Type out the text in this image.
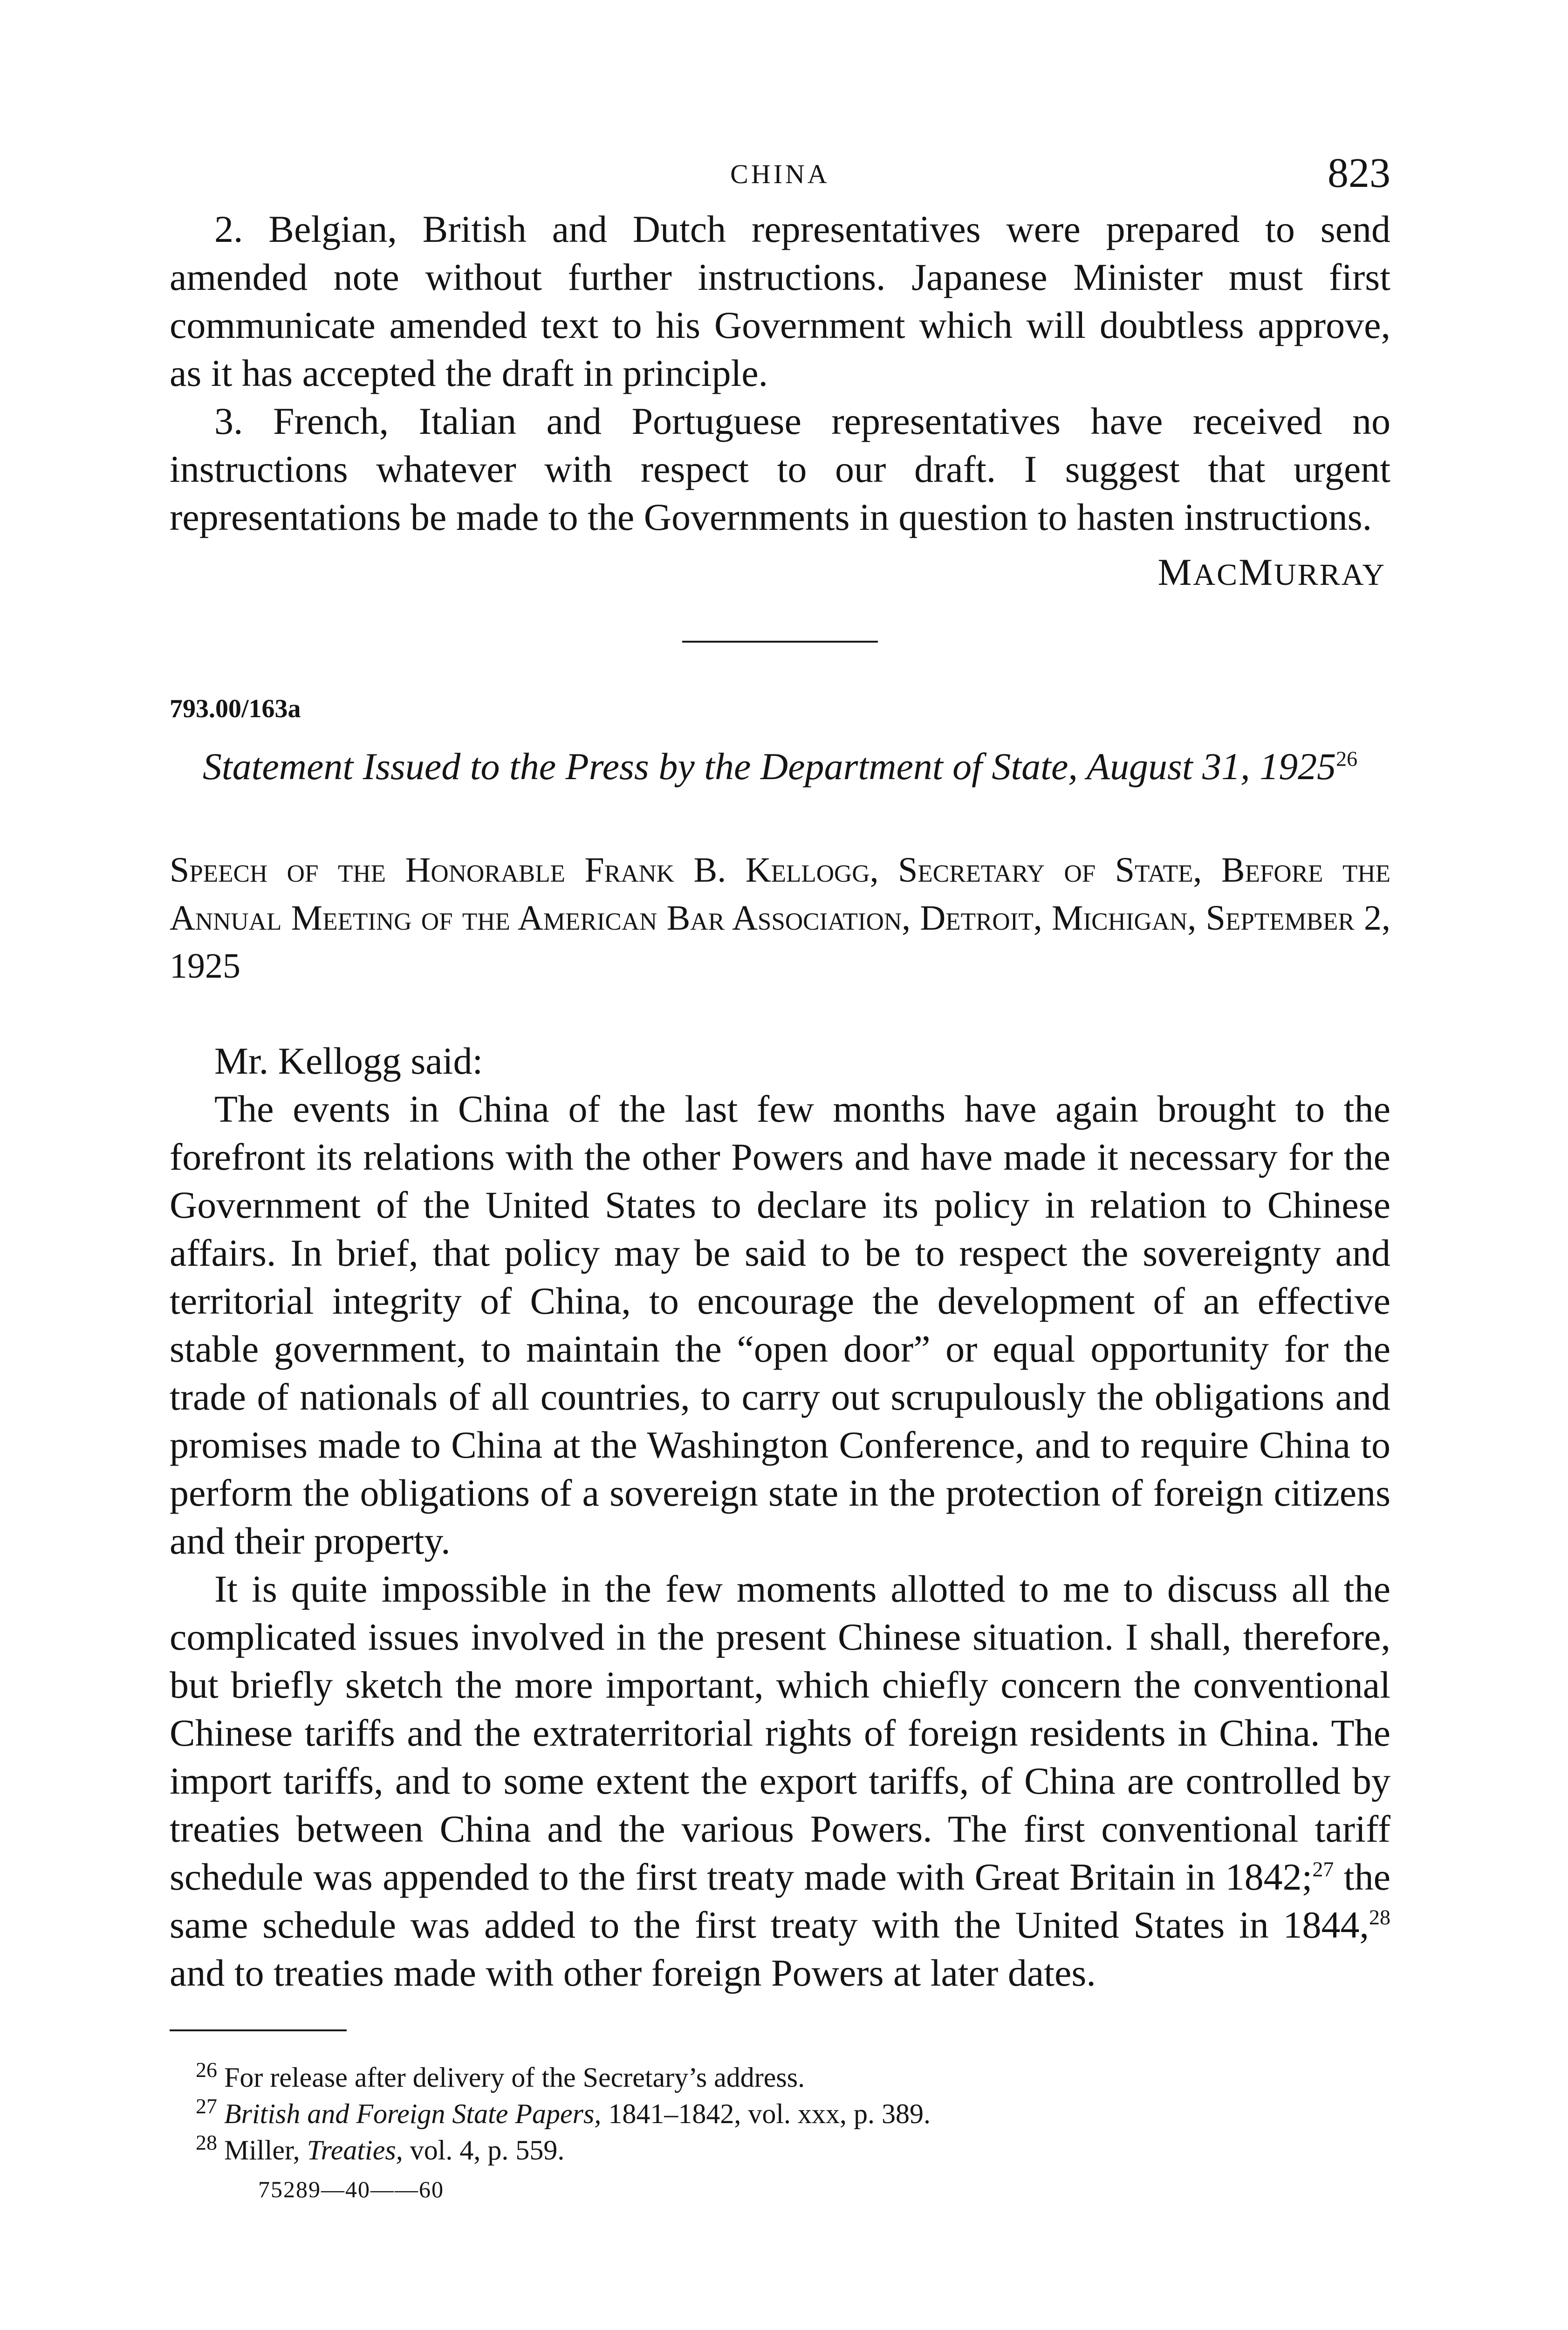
CHINA	823

2. Belgian, British and Dutch representatives were prepared to send amended note without further instructions. Japanese Minister must first communicate amended text to his Government which will doubtless approve, as it has accepted the draft in principle.

3. French, Italian and Portuguese representatives have received no instructions whatever with respect to our draft. I suggest that urgent representations be made to the Governments in question to hasten instructions.

MACMURRAY
793.00/163a
Statement Issued to the Press by the Department of State, August 31, 1925$^{26}$
Speech of the Honorable Frank B. Kellogg, Secretary of State, Before the Annual Meeting of the American Bar Association, Detroit, Michigan, September 2, 1925

Mr. Kellogg said:

The events in China of the last few months have again brought to the forefront its relations with the other Powers and have made it necessary for the Government of the United States to declare its policy in relation to Chinese affairs. In brief, that policy may be said to be to respect the sovereignty and territorial integrity of China, to encourage the development of an effective stable government, to maintain the “open door” or equal opportunity for the trade of nationals of all countries, to carry out scrupulously the obligations and promises made to China at the Washington Conference, and to require China to perform the obligations of a sovereign state in the protection of foreign citizens and their property.

It is quite impossible in the few moments allotted to me to discuss all the complicated issues involved in the present Chinese situation. I shall, therefore, but briefly sketch the more important, which chiefly concern the conventional Chinese tariffs and the extraterritorial rights of foreign residents in China. The import tariffs, and to some extent the export tariffs, of China are controlled by treaties between China and the various Powers. The first conventional tariff schedule was appended to the first treaty made with Great Britain in 1842;$^{27}$ the same schedule was added to the first treaty with the United States in 1844,28 and to treaties made with other foreign Powers at later dates.

$^{26}$ For release after delivery of the Secretary’s address.
$^{27}$ British and Foreign State Papers, 1841–1842, vol. xxx, p. 389.
$^{28}$ Miller, Treaties, vol. 4, p. 559.
75289—40——60
